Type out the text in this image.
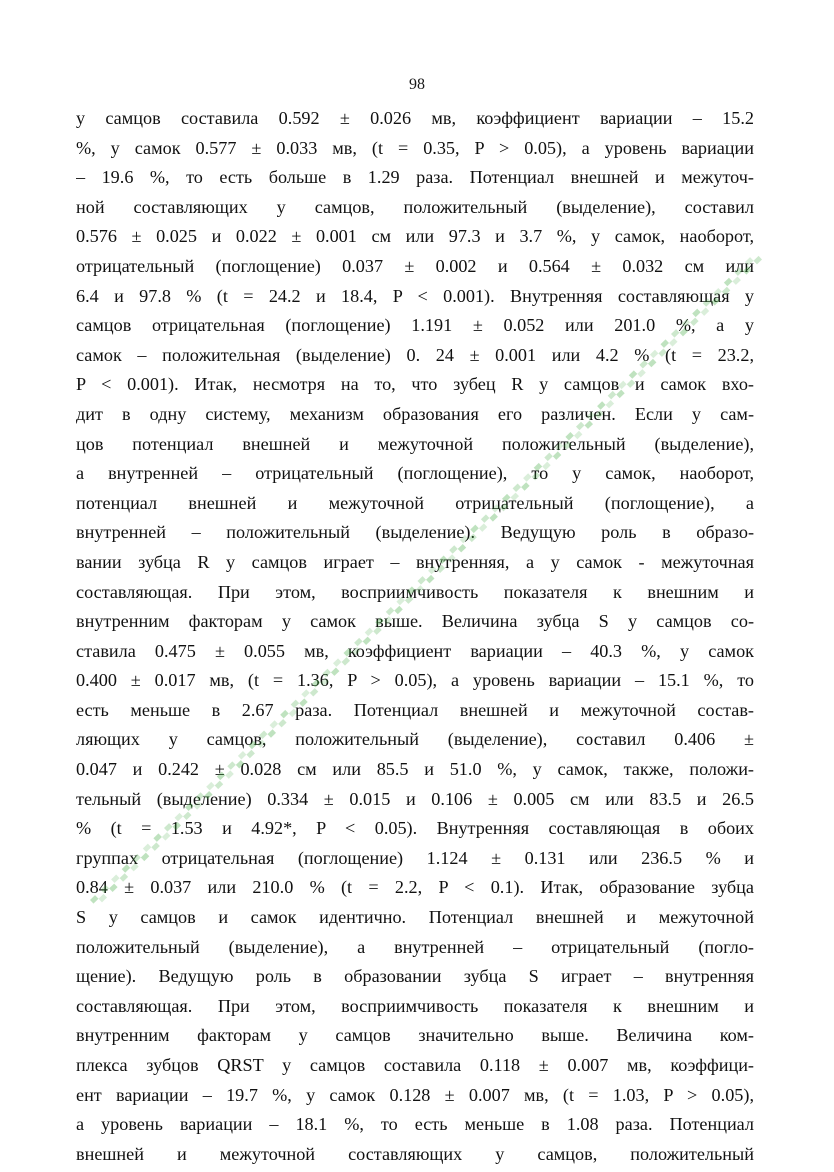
98
у самцов составила 0.592 ± 0.026 мв, коэффициент вариации – 15.2
%, у самок 0.577 ± 0.033 мв, (t = 0.35, P > 0.05), а уровень вариации
– 19.6 %, то есть больше в 1.29 раза. Потенциал внешней и межуточ-
ной составляющих у самцов, положительный (выделение), составил
0.576 ± 0.025 и 0.022 ± 0.001 см или 97.3 и 3.7 %, у самок, наоборот,
отрицательный (поглощение) 0.037 ± 0.002 и 0.564 ± 0.032 см или
6.4 и 97.8 % (t = 24.2 и 18.4, P < 0.001). Внутренняя составляющая у
самцов отрицательная (поглощение) 1.191 ± 0.052 или 201.0 %, а у
самок – положительная (выделение) 0. 24 ± 0.001 или 4.2 % (t = 23.2,
P < 0.001). Итак, несмотря на то, что зубец R у самцов и самок вхо-
дит в одну систему, механизм образования его различен. Если у сам-
цов потенциал внешней и межуточной положительный (выделение),
а внутренней – отрицательный (поглощение), то у самок, наоборот,
потенциал внешней и межуточной отрицательный (поглощение), а
внутренней – положительный (выделение). Ведущую роль в образо-
вании зубца R у самцов играет – внутренняя, а у самок - межуточная
составляющая. При этом, восприимчивость показателя к внешним и
внутренним факторам у самок выше. Величина зубца S у самцов со-
ставила 0.475 ± 0.055 мв, коэффициент вариации – 40.3 %, у самок
0.400 ± 0.017 мв, (t = 1.36, P > 0.05), а уровень вариации – 15.1 %, то
есть меньше в 2.67 раза. Потенциал внешней и межуточной состав-
ляющих у самцов, положительный (выделение), составил 0.406 ±
0.047 и 0.242 ± 0.028 см или 85.5 и 51.0 %, у самок, также, положи-
тельный (выделение) 0.334 ± 0.015 и 0.106 ± 0.005 см или 83.5 и 26.5
% (t = 1.53 и 4.92*, P < 0.05). Внутренняя составляющая в обоих
группах отрицательная (поглощение) 1.124 ± 0.131 или 236.5 % и
0.84 ± 0.037 или 210.0 % (t = 2.2, P < 0.1). Итак, образование зубца
S у самцов и самок идентично. Потенциал внешней и межуточной
положительный (выделение), а внутренней – отрицательный (погло-
щение). Ведущую роль в образовании зубца S играет – внутренняя
составляющая. При этом, восприимчивость показателя к внешним и
внутренним факторам у самцов значительно выше. Величина ком-
плекса зубцов QRST у самцов составила 0.118 ± 0.007 мв, коэффици-
ент вариации – 19.7 %, у самок 0.128 ± 0.007 мв, (t = 1.03, P > 0.05),
а уровень вариации – 18.1 %, то есть меньше в 1.08 раза. Потенциал
внешней и межуточной составляющих у самцов, положительный
